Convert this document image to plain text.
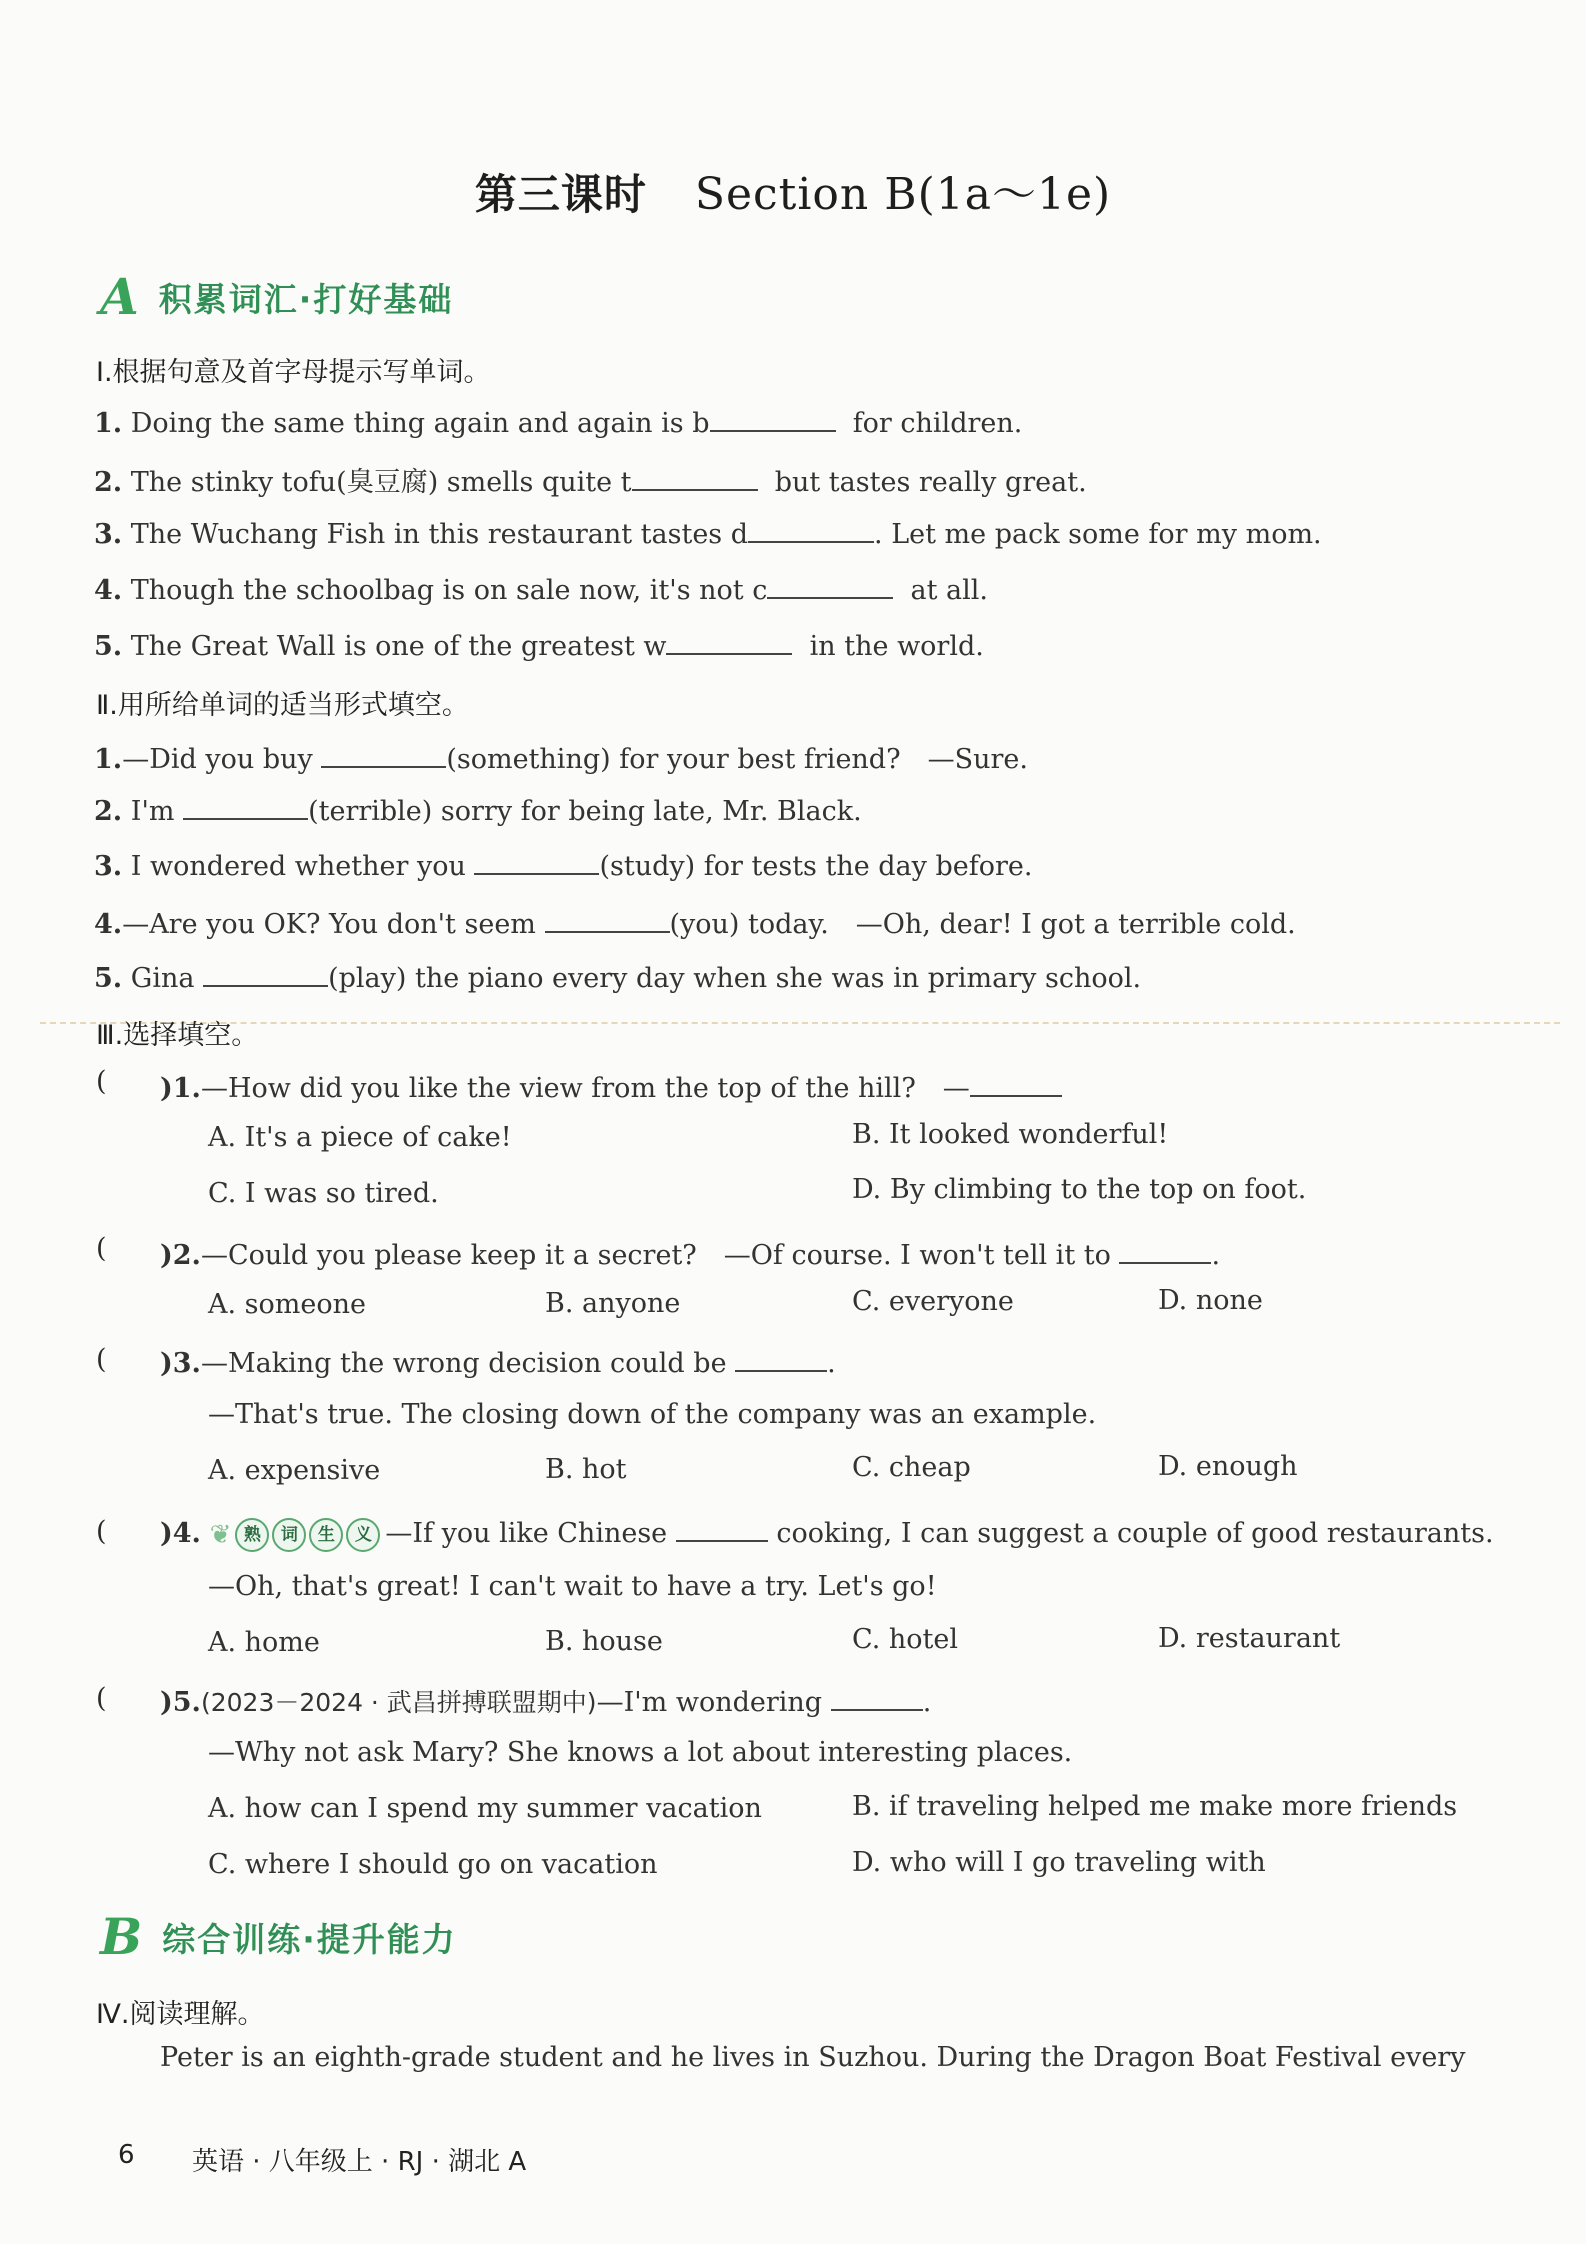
第三课时 Section B(1a～1e)
A 积累词汇·打好基础
Ⅰ.根据句意及首字母提示写单词。
1. Doing the same thing again and again is b	for children.
2. The stinky tofu(臭豆腐) smells quite t	but tastes really great.
3. The Wuchang Fish in this restaurant tastes d	. Let me pack some for my mom.
4. Though the schoolbag is on sale now, it's not c	at all.
5. The Great Wall is one of the greatest w	in the world.
Ⅱ.用所给单词的适当形式填空。
1.—Did you buy	(something) for your best friend?　—Sure.
2. I'm	(terrible) sorry for being late, Mr. Black.
3. I wondered whether you	(study) for tests the day before.
4.—Are you OK? You don't seem	(you) today.　—Oh, dear! I got a terrible cold.
5. Gina	(play) the piano every day when she was in primary school.
Ⅲ.选择填空。
( )1.—How did you like the view from the top of the hill?　—
A. It's a piece of cake!	B. It looked wonderful!
C. I was so tired.	D. By climbing to the top on foot.
( )2.—Could you please keep it a secret?　—Of course. I won't tell it to	.
A. someone	B. anyone	C. everyone	D. none
( )3.—Making the wrong decision could be	.
—That's true. The closing down of the company was an example.
A. expensive	B. hot	C. cheap	D. enough
( )4. ❦ 熟	词	生	义 —If you like Chinese	cooking, I can suggest a couple of good restaurants.
—Oh, that's great! I can't wait to have a try. Let's go!
A. home	B. house	C. hotel	D. restaurant
( )5.(2023－2024 · 武昌拼搏联盟期中)—I'm wondering	.
—Why not ask Mary? She knows a lot about interesting places.
A. how can I spend my summer vacation	B. if traveling helped me make more friends
C. where I should go on vacation	D. who will I go traveling with
B 综合训练·提升能力
Ⅳ.阅读理解。
Peter is an eighth-grade student and he lives in Suzhou. During the Dragon Boat Festival every
6 英语 · 八年级上 · RJ · 湖北 A
